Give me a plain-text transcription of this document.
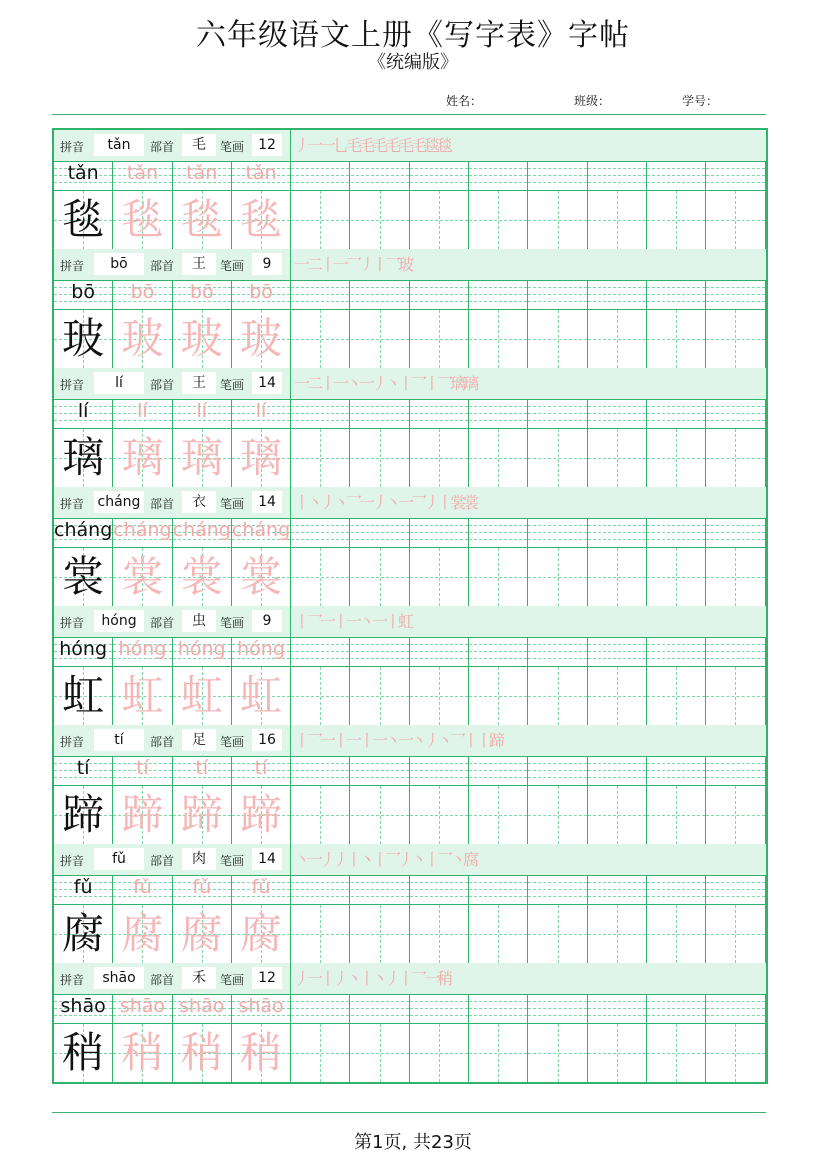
六年级语文上册《写字表》字帖
《统编版》
姓名：	班级：	学号：
拼音	tǎn	部首	毛	笔画	12	丿一一乚毛毛毛毛毛毛毯毯
tǎn	tǎn	tǎn	tǎn
毯 毯 毯 毯
拼音	bō	部首	王	笔画	9	一二丨一乛丿丨乛玻
bō	bō	bō	bō
玻 玻 玻 玻
拼音	lí	部首	王	笔画	14	一二丨一丶一丿丶丨乛丨乛璃璃
lí	lí	lí	lí
璃 璃 璃 璃
拼音 cháng 部首	衣	笔画	14	丨丶丿丶乛一丿丶一乛丿丨裳裳
cháng cháng cháng cháng
裳 裳 裳 裳
拼音	hóng	部首	虫	笔画	9	丨乛一丨一丶一丨虹
hóng hóng hóng hóng
虹 虹 虹 虹
拼音	tí	部首	足	笔画	16	丨乛一丨一丨一丶一丶丿丶乛丨丨蹄
tí	tí	tí	tí
蹄 蹄 蹄 蹄
拼音	fǔ	部首	肉	笔画	14	丶一丿丿丨丶丨乛丿丶丨乛丶腐
fǔ	fǔ	fǔ	fǔ
腐 腐 腐 腐
拼音	shāo	部首	禾	笔画	12	丿一丨丿丶丨丶丿丨乛一稍
shāo shāo shāo shāo
稍 稍 稍 稍
第1页, 共23页
